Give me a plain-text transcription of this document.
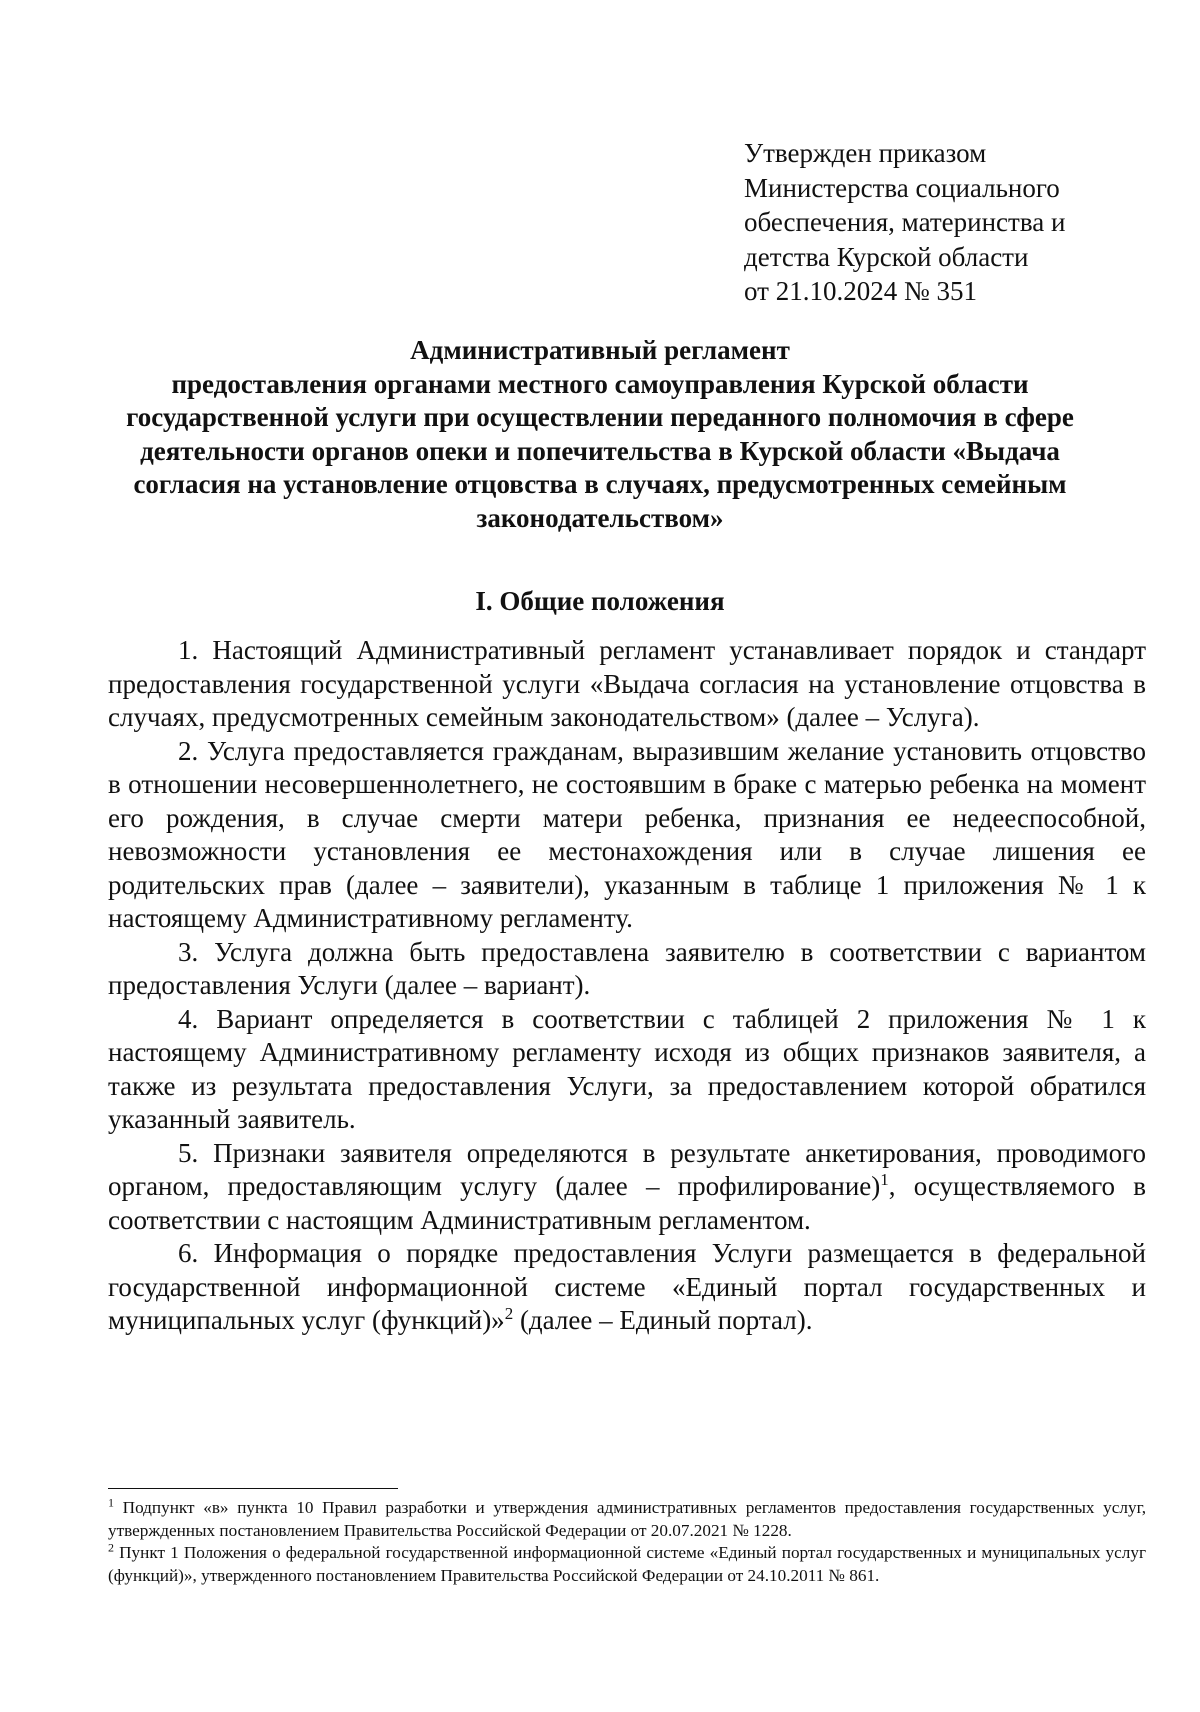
Утвержден приказом
Министерства социального
обеспечения, материнства и
детства Курской области
от 21.10.2024 № 351
Административный регламент
предоставления органами местного самоуправления Курской области
государственной услуги при осуществлении переданного полномочия в сфере
деятельности органов опеки и попечительства в Курской области «Выдача
согласия на установление отцовства в случаях, предусмотренных семейным
законодательством»
I. Общие положения

1. Настоящий Административный регламент устанавливает порядок и стандарт предоставления государственной услуги «Выдача согласия на установление отцовства в случаях, предусмотренных семейным законодательством» (далее – Услуга).

2. Услуга предоставляется гражданам, выразившим желание установить отцовство в отношении несовершеннолетнего, не состоявшим в браке с матерью ребенка на момент его рождения, в случае смерти матери ребенка, признания ее недееспособной, невозможности установления ее местонахождения или в случае лишения ее родительских прав (далее – заявители), указанным в таблице 1 приложения № 1 к настоящему Административному регламенту.

3. Услуга должна быть предоставлена заявителю в соответствии с вариантом предоставления Услуги (далее – вариант).

4. Вариант определяется в соответствии с таблицей 2 приложения № 1 к настоящему Административному регламенту исходя из общих признаков заявителя, а также из результата предоставления Услуги, за предоставлением которой обратился указанный заявитель.

5. Признаки заявителя определяются в результате анкетирования, проводимого органом, предоставляющим услугу (далее – профилирование)$^1$, осуществляемого в соответствии с настоящим Административным регламентом.

6. Информация о порядке предоставления Услуги размещается в федеральной государственной информационной системе «Единый портал государственных и муниципальных услуг (функций)»$^2$ (далее – Единый портал).

$^1$ Подпункт «в» пункта 10 Правил разработки и утверждения административных регламентов предоставления государственных услуг, утвержденных постановлением Правительства Российской Федерации от 20.07.2021 № 1228.

$^2$ Пункт 1 Положения о федеральной государственной информационной системе «Единый портал государственных и муниципальных услуг (функций)», утвержденного постановлением Правительства Российской Федерации от 24.10.2011 № 861.
